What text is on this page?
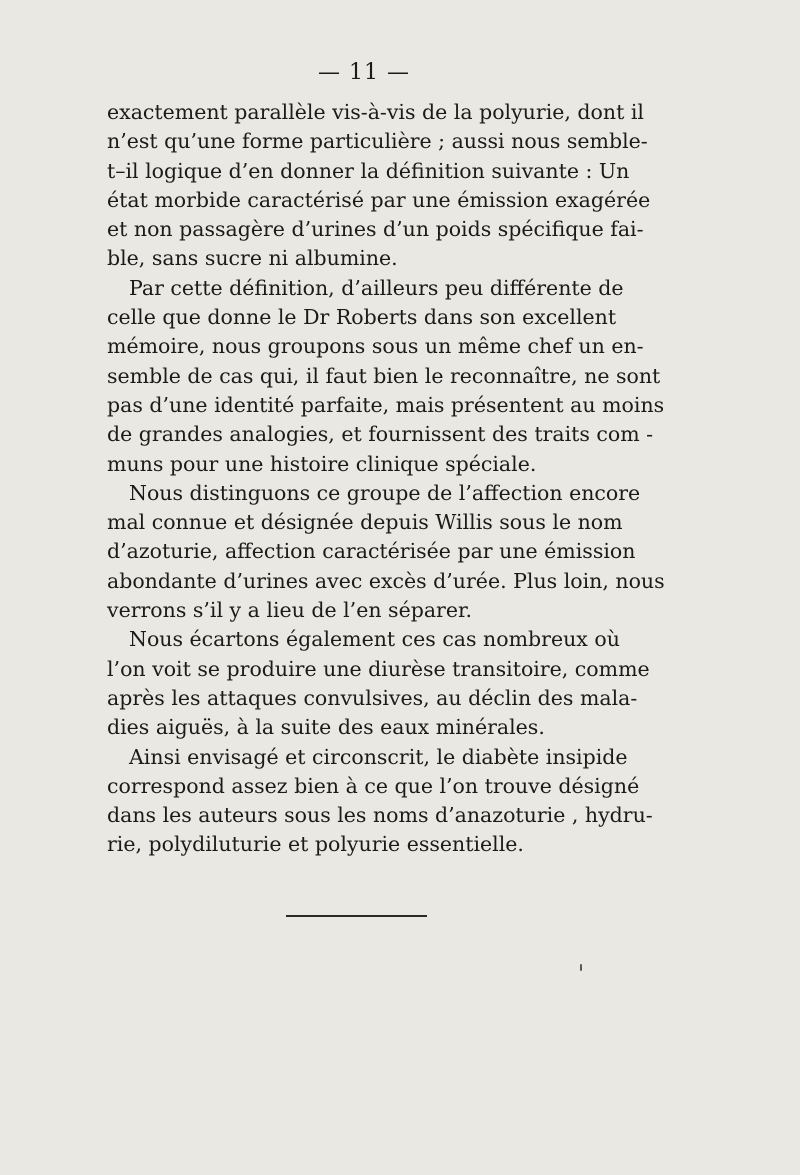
— 11 —
exactement parallèle vis-à-vis de la polyurie, dont il
n’est qu’une forme particulière ; aussi nous semble-
t–il logique d’en donner la définition suivante : Un
état morbide caractérisé par une émission exagérée
et non passagère d’urines d’un poids spécifique fai-
ble, sans sucre ni albumine.
Par cette définition, d’ailleurs peu différente de
celle que donne le Dr Roberts dans son excellent
mémoire, nous groupons sous un même chef un en-
semble de cas qui, il faut bien le reconnaître, ne sont
pas d’une identité parfaite, mais présentent au moins
de grandes analogies, et fournissent des traits com -
muns pour une histoire clinique spéciale.
Nous distinguons ce groupe de l’affection encore
mal connue et désignée depuis Willis sous le nom
d’azoturie, affection caractérisée par une émission
abondante d’urines avec excès d’urée. Plus loin, nous
verrons s’il y a lieu de l’en séparer.
Nous écartons également ces cas nombreux où
l’on voit se produire une diurèse transitoire, comme
après les attaques convulsives, au déclin des mala-
dies aiguës, à la suite des eaux minérales.
Ainsi envisagé et circonscrit, le diabète insipide
correspond assez bien à ce que l’on trouve désigné
dans les auteurs sous les noms d’anazoturie , hydru-
rie, polydiluturie et polyurie essentielle.
